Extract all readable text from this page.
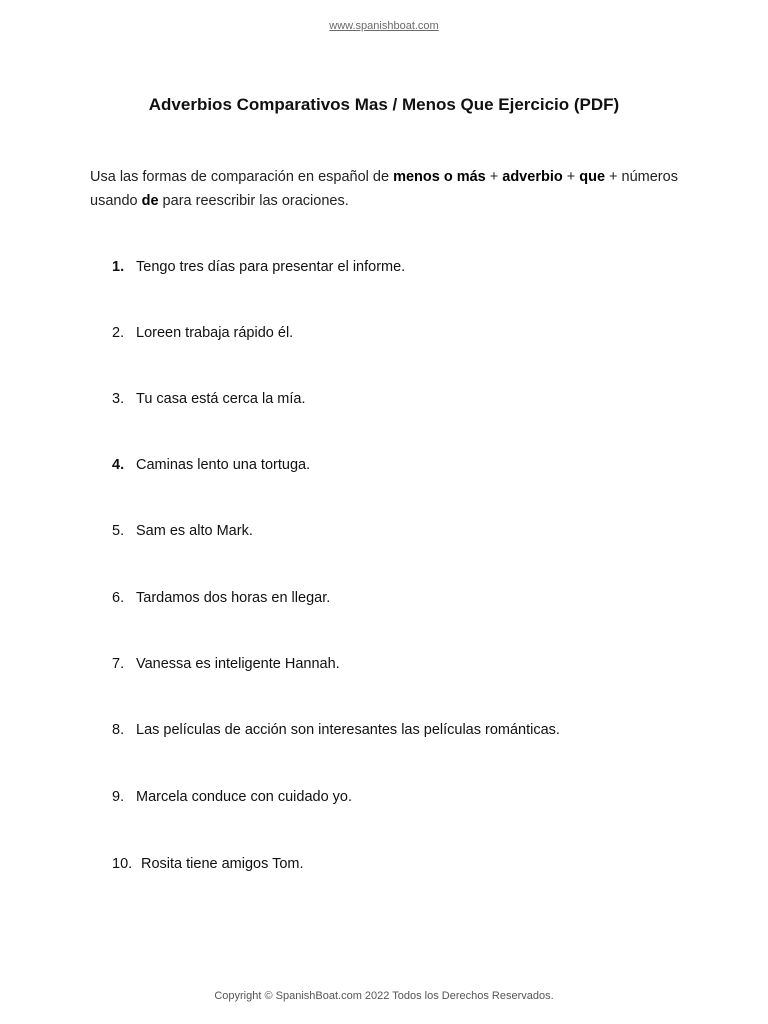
www.spanishboat.com
Adverbios Comparativos Mas / Menos Que Ejercicio (PDF)
Usa las formas de comparación en español de menos o más + adverbio + que + números usando de para reescribir las oraciones.
1. Tengo tres días para presentar el informe.
2. Loreen trabaja rápido él.
3. Tu casa está cerca la mía.
4. Caminas lento una tortuga.
5. Sam es alto Mark.
6. Tardamos dos horas en llegar.
7. Vanessa es inteligente Hannah.
8. Las películas de acción son interesantes las películas románticas.
9. Marcela conduce con cuidado yo.
10. Rosita tiene amigos Tom.
Copyright © SpanishBoat.com 2022 Todos los Derechos Reservados.
